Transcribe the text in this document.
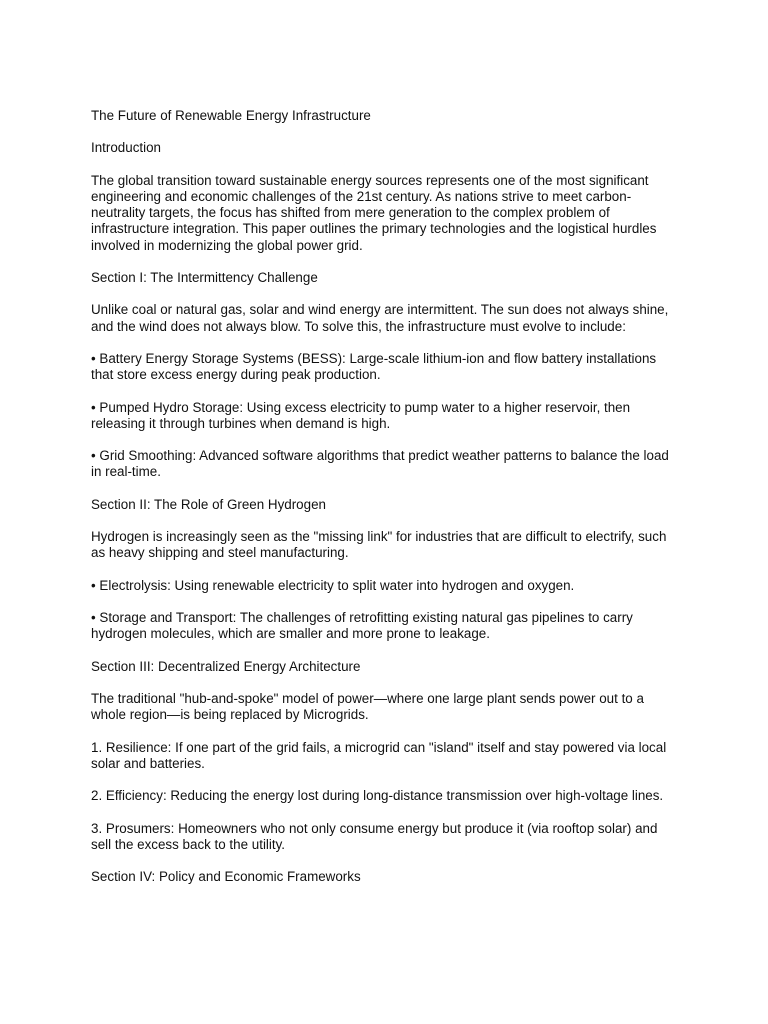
The Future of Renewable Energy Infrastructure

Introduction

The global transition toward sustainable energy sources represents one of the most significant engineering and economic challenges of the 21st century. As nations strive to meet carbon-neutrality targets, the focus has shifted from mere generation to the complex problem of infrastructure integration. This paper outlines the primary technologies and the logistical hurdles involved in modernizing the global power grid.

Section I: The Intermittency Challenge

Unlike coal or natural gas, solar and wind energy are intermittent. The sun does not always shine, and the wind does not always blow. To solve this, the infrastructure must evolve to include:

• Battery Energy Storage Systems (BESS): Large-scale lithium-ion and flow battery installations that store excess energy during peak production.

• Pumped Hydro Storage: Using excess electricity to pump water to a higher reservoir, then releasing it through turbines when demand is high.

• Grid Smoothing: Advanced software algorithms that predict weather patterns to balance the load in real-time.

Section II: The Role of Green Hydrogen

Hydrogen is increasingly seen as the "missing link" for industries that are difficult to electrify, such as heavy shipping and steel manufacturing.

• Electrolysis: Using renewable electricity to split water into hydrogen and oxygen.

• Storage and Transport: The challenges of retrofitting existing natural gas pipelines to carry hydrogen molecules, which are smaller and more prone to leakage.

Section III: Decentralized Energy Architecture

The traditional "hub-and-spoke" model of power—where one large plant sends power out to a whole region—is being replaced by Microgrids.

1. Resilience: If one part of the grid fails, a microgrid can "island" itself and stay powered via local solar and batteries.

2. Efficiency: Reducing the energy lost during long-distance transmission over high-voltage lines.

3. Prosumers: Homeowners who not only consume energy but produce it (via rooftop solar) and sell the excess back to the utility.

Section IV: Policy and Economic Frameworks
